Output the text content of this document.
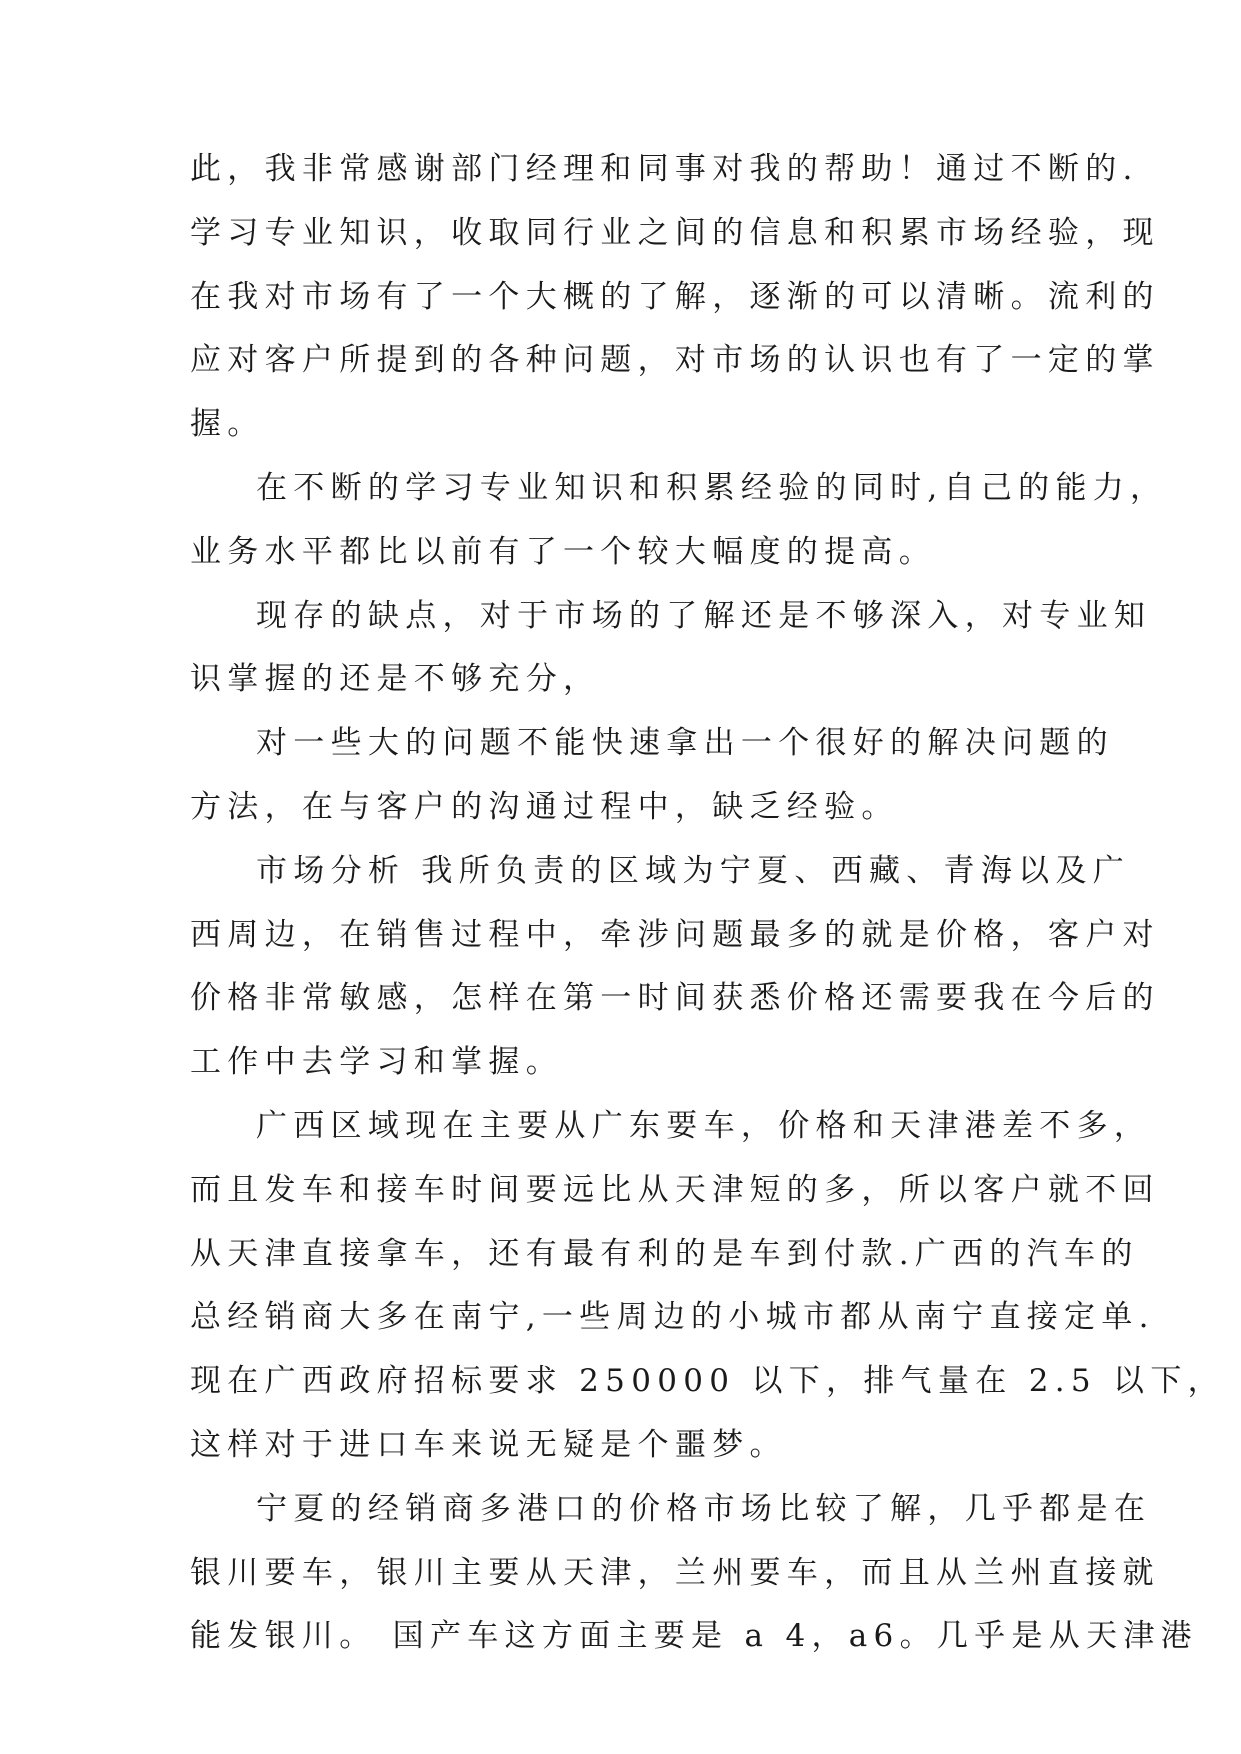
此，我非常感谢部门经理和同事对我的帮助！通过不断的.
学习专业知识，收取同行业之间的信息和积累市场经验，现
在我对市场有了一个大概的了解，逐渐的可以清晰。流利的
应对客户所提到的各种问题，对市场的认识也有了一定的掌
握。
在不断的学习专业知识和积累经验的同时,自己的能力，
业务水平都比以前有了一个较大幅度的提高。
现存的缺点，对于市场的了解还是不够深入，对专业知
识掌握的还是不够充分，
对一些大的问题不能快速拿出一个很好的解决问题的
方法，在与客户的沟通过程中，缺乏经验。
市场分析 我所负责的区域为宁夏、西藏、青海以及广
西周边，在销售过程中，牵涉问题最多的就是价格，客户对
价格非常敏感，怎样在第一时间获悉价格还需要我在今后的
工作中去学习和掌握。
广西区域现在主要从广东要车，价格和天津港差不多，
而且发车和接车时间要远比从天津短的多，所以客户就不回
从天津直接拿车，还有最有利的是车到付款.广西的汽车的
总经销商大多在南宁,一些周边的小城市都从南宁直接定单.
现在广西政府招标要求 250000 以下，排气量在 2.5 以下，
这样对于进口车来说无疑是个噩梦。
宁夏的经销商多港口的价格市场比较了解，几乎都是在
银川要车，银川主要从天津，兰州要车，而且从兰州直接就
能发银川。 国产车这方面主要是 a 4，a6。几乎是从天津港
